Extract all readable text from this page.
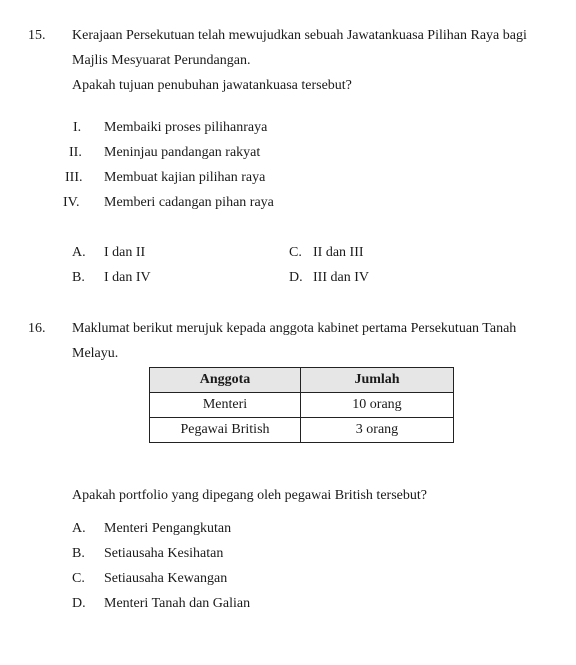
15. Kerajaan Persekutuan telah mewujudkan sebuah Jawatankuasa Pilihan Raya bagi
Majlis Mesyuarat Perundangan.
Apakah tujuan penubuhan jawatankuasa tersebut?
I. Membaiki proses pilihanraya
II. Meninjau pandangan rakyat
III. Membuat kajian pilihan raya
IV. Memberi cadangan pihan raya
A. I dan II
B. I dan IV
C. II dan III
D. III dan IV
16. Maklumat berikut merujuk kepada anggota kabinet pertama Persekutuan Tanah
Melayu.
Anggota	Jumlah
Menteri	10 orang
Pegawai British	3 orang
Apakah portfolio yang dipegang oleh pegawai British tersebut?
A. Menteri Pengangkutan
B. Setiausaha Kesihatan
C. Setiausaha Kewangan
D. Menteri Tanah dan Galian
